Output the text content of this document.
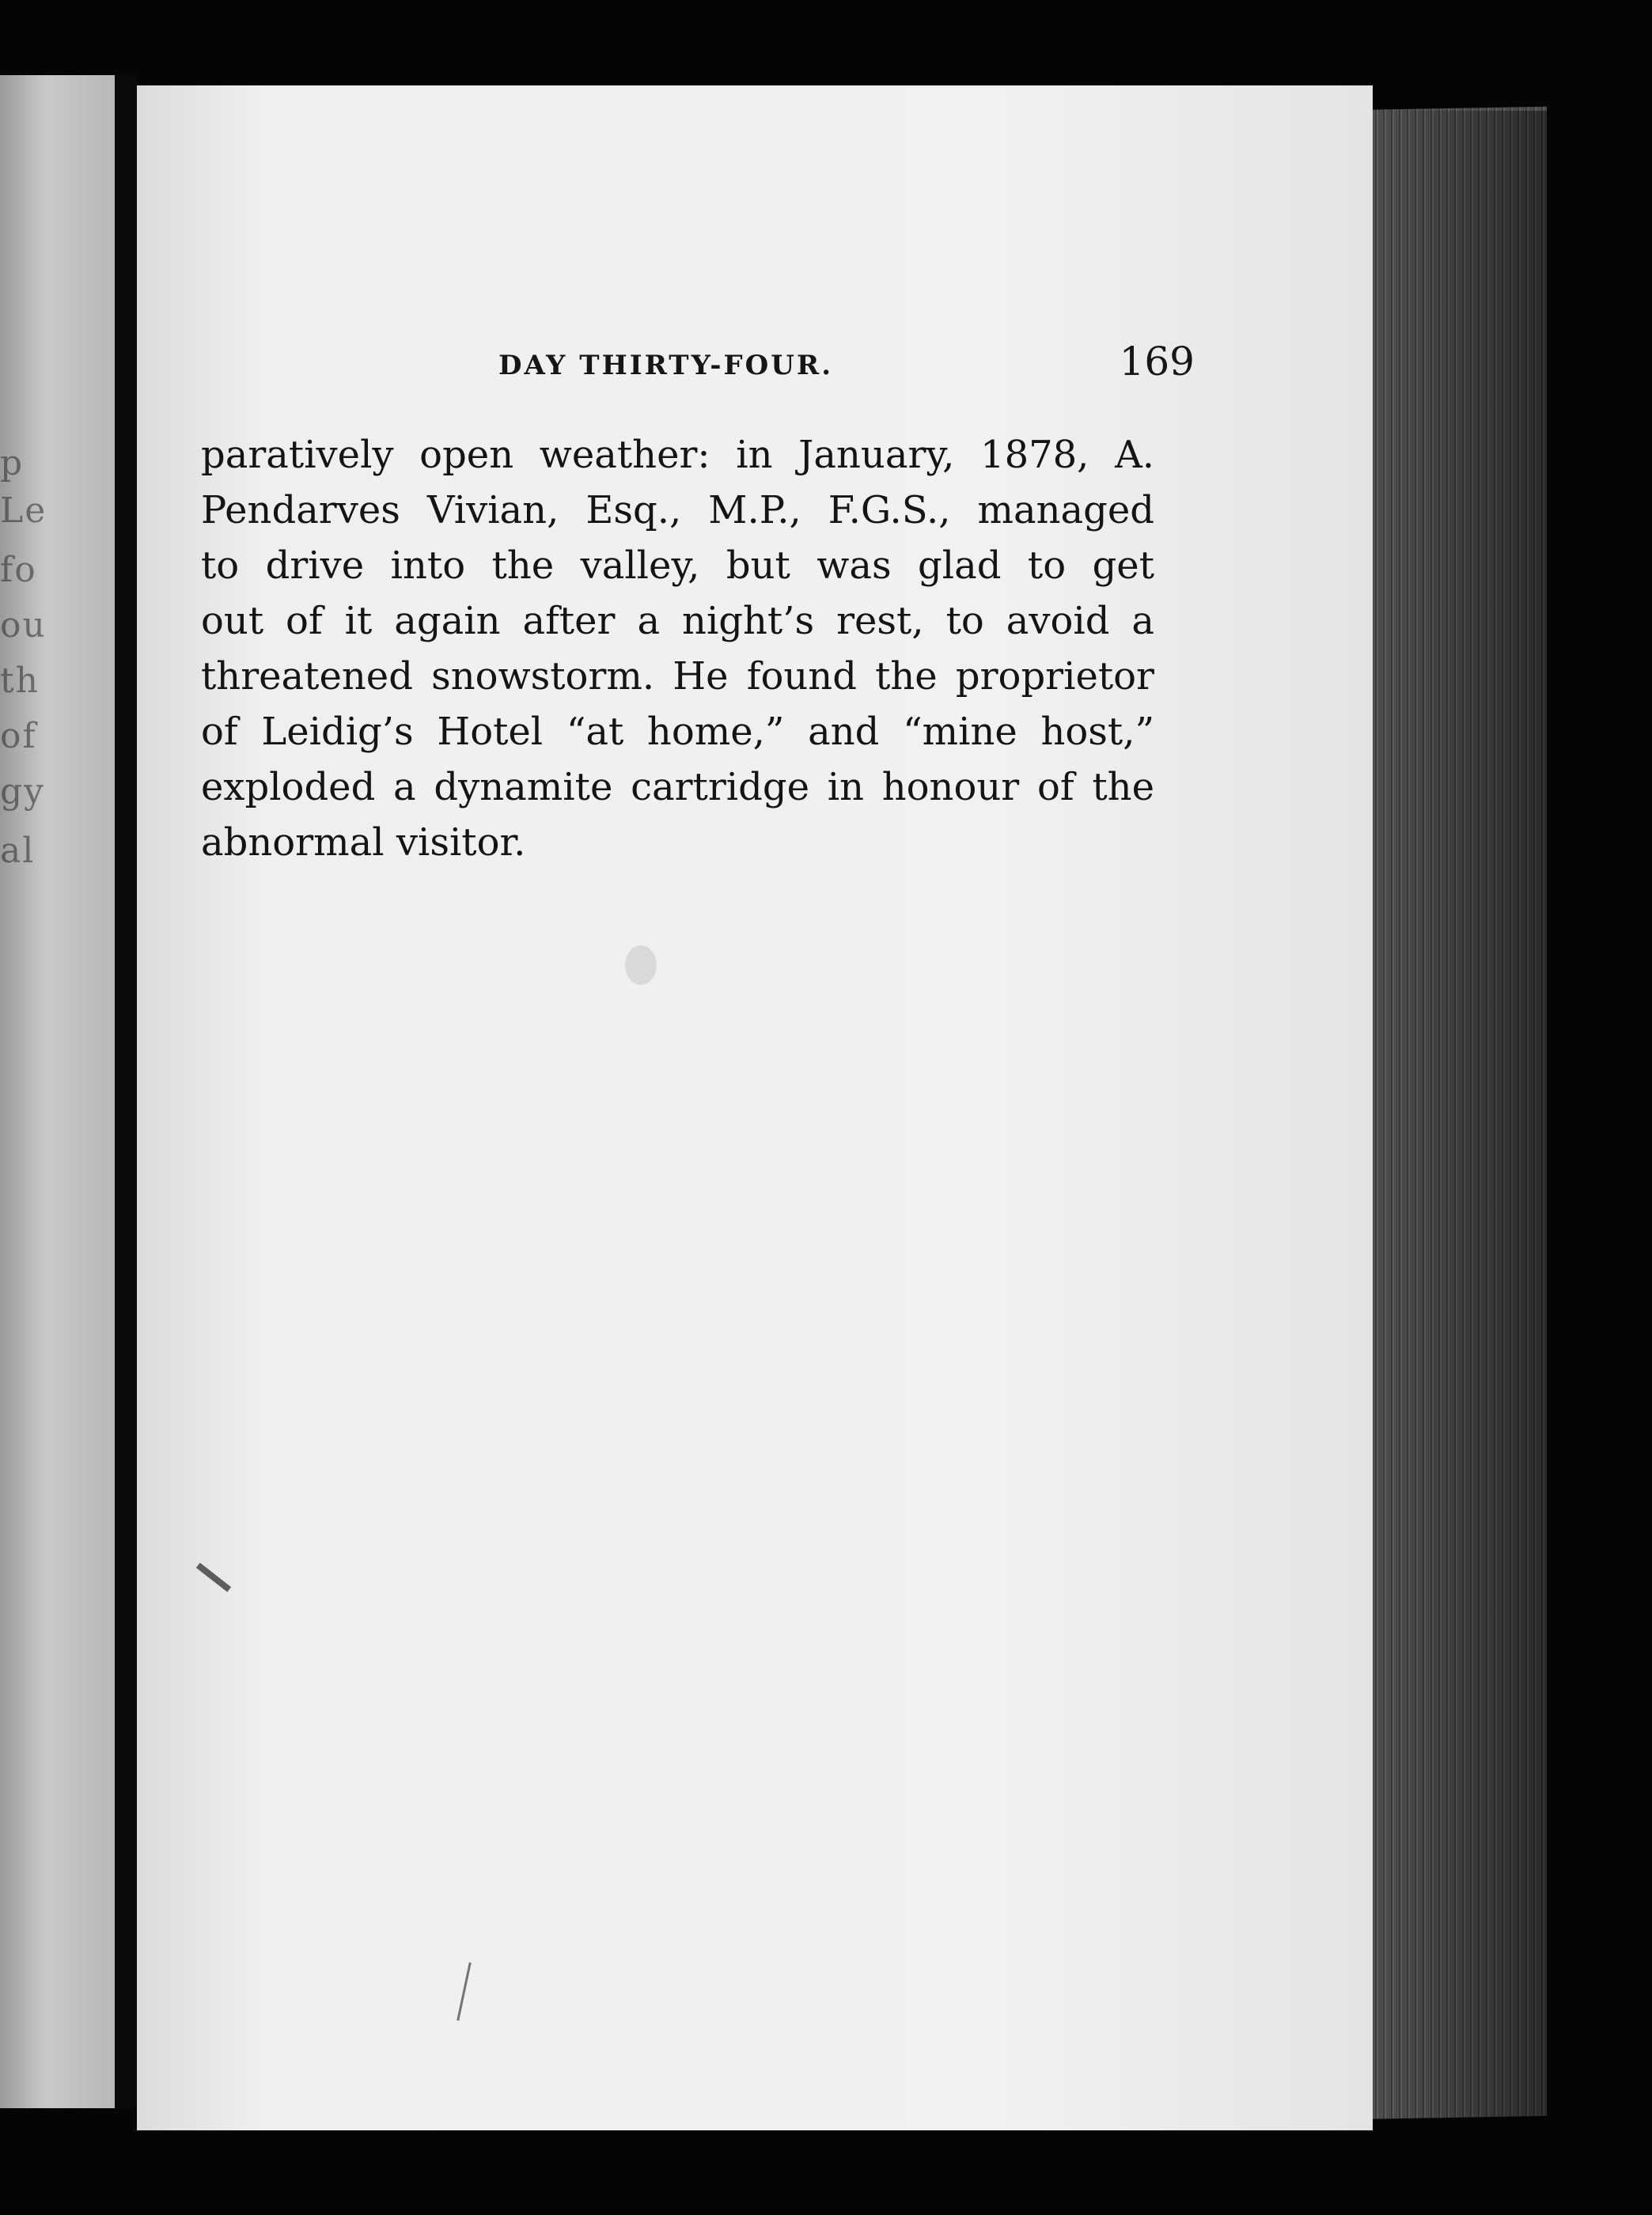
p
Le
fo
ou
th
of
gy
al
DAY THIRTY-FOUR.	169
paratively open weather: in January, 1878, A.
Pendarves Vivian, Esq., M.P., F.G.S., managed
to drive into the valley, but was glad to get
out of it again after a night’s rest, to avoid a
threatened snowstorm. He found the proprietor
of Leidig’s Hotel “at home,” and “mine host,”
exploded a dynamite cartridge in honour of the
abnormal visitor.
